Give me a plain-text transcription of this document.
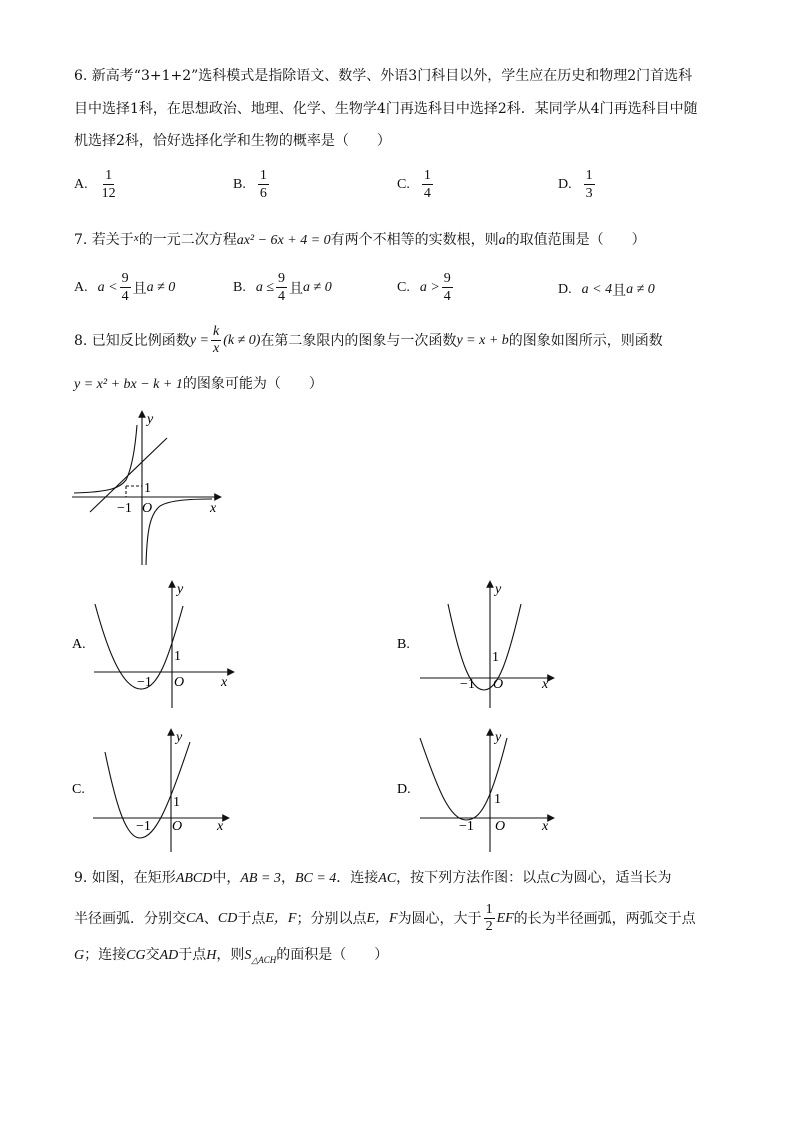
6. 新高考“3+1+2”选科模式是指除语文、数学、外语3门科目以外，学生应在历史和物理2门首选科
目中选择1科，在思想政治、地理、化学、生物学4门再选科目中选择2科．某同学从4门再选科目中随
机选择2科，恰好选择化学和生物的概率是（　　）
A. $\frac{1}{12}$	B. $\frac{1}{6}$	C. $\frac{1}{4}$	D. $\frac{1}{3}$
7. 若关于$^x$的一元二次方程ax² − 6x + 4 = 0有两个不相等的实数根，则a的取值范围是（　　）
A. $a < \frac{9}{4}$ 且 a ≠ 0	B. $a \le \frac{9}{4}$ 且 a ≠ 0	C. $a > \frac{9}{4}$	D. a < 4 且 a ≠ 0
8. 已知反比例函数 $y = \frac{k}{x} (k \ne 0)$ 在第二象限内的图象与一次函数 y = x + b 的图象如图所示，则函数
y = x² + bx − k + 1的图象可能为（　　）
y
x
O
1
−1
y
x
O
1
−1
A.
y
x
O
1
−1
B.
y
x
O
1
−1
C.
y
x
O
1
−1
D.
9. 如图，在矩形ABCD中，AB = 3，BC = 4．连接AC，按下列方法作图：以点C为圆心，适当长为
半径画弧．分别交 CA 、 CD 于点 E，F ；分别以点 E，F 为圆心，大于 $\frac{1}{2}$ EF 的长为半径画弧，两弧交于点
G；连接CG交AD于点H，则$S_{\triangle ACH}$的面积是（　　）
